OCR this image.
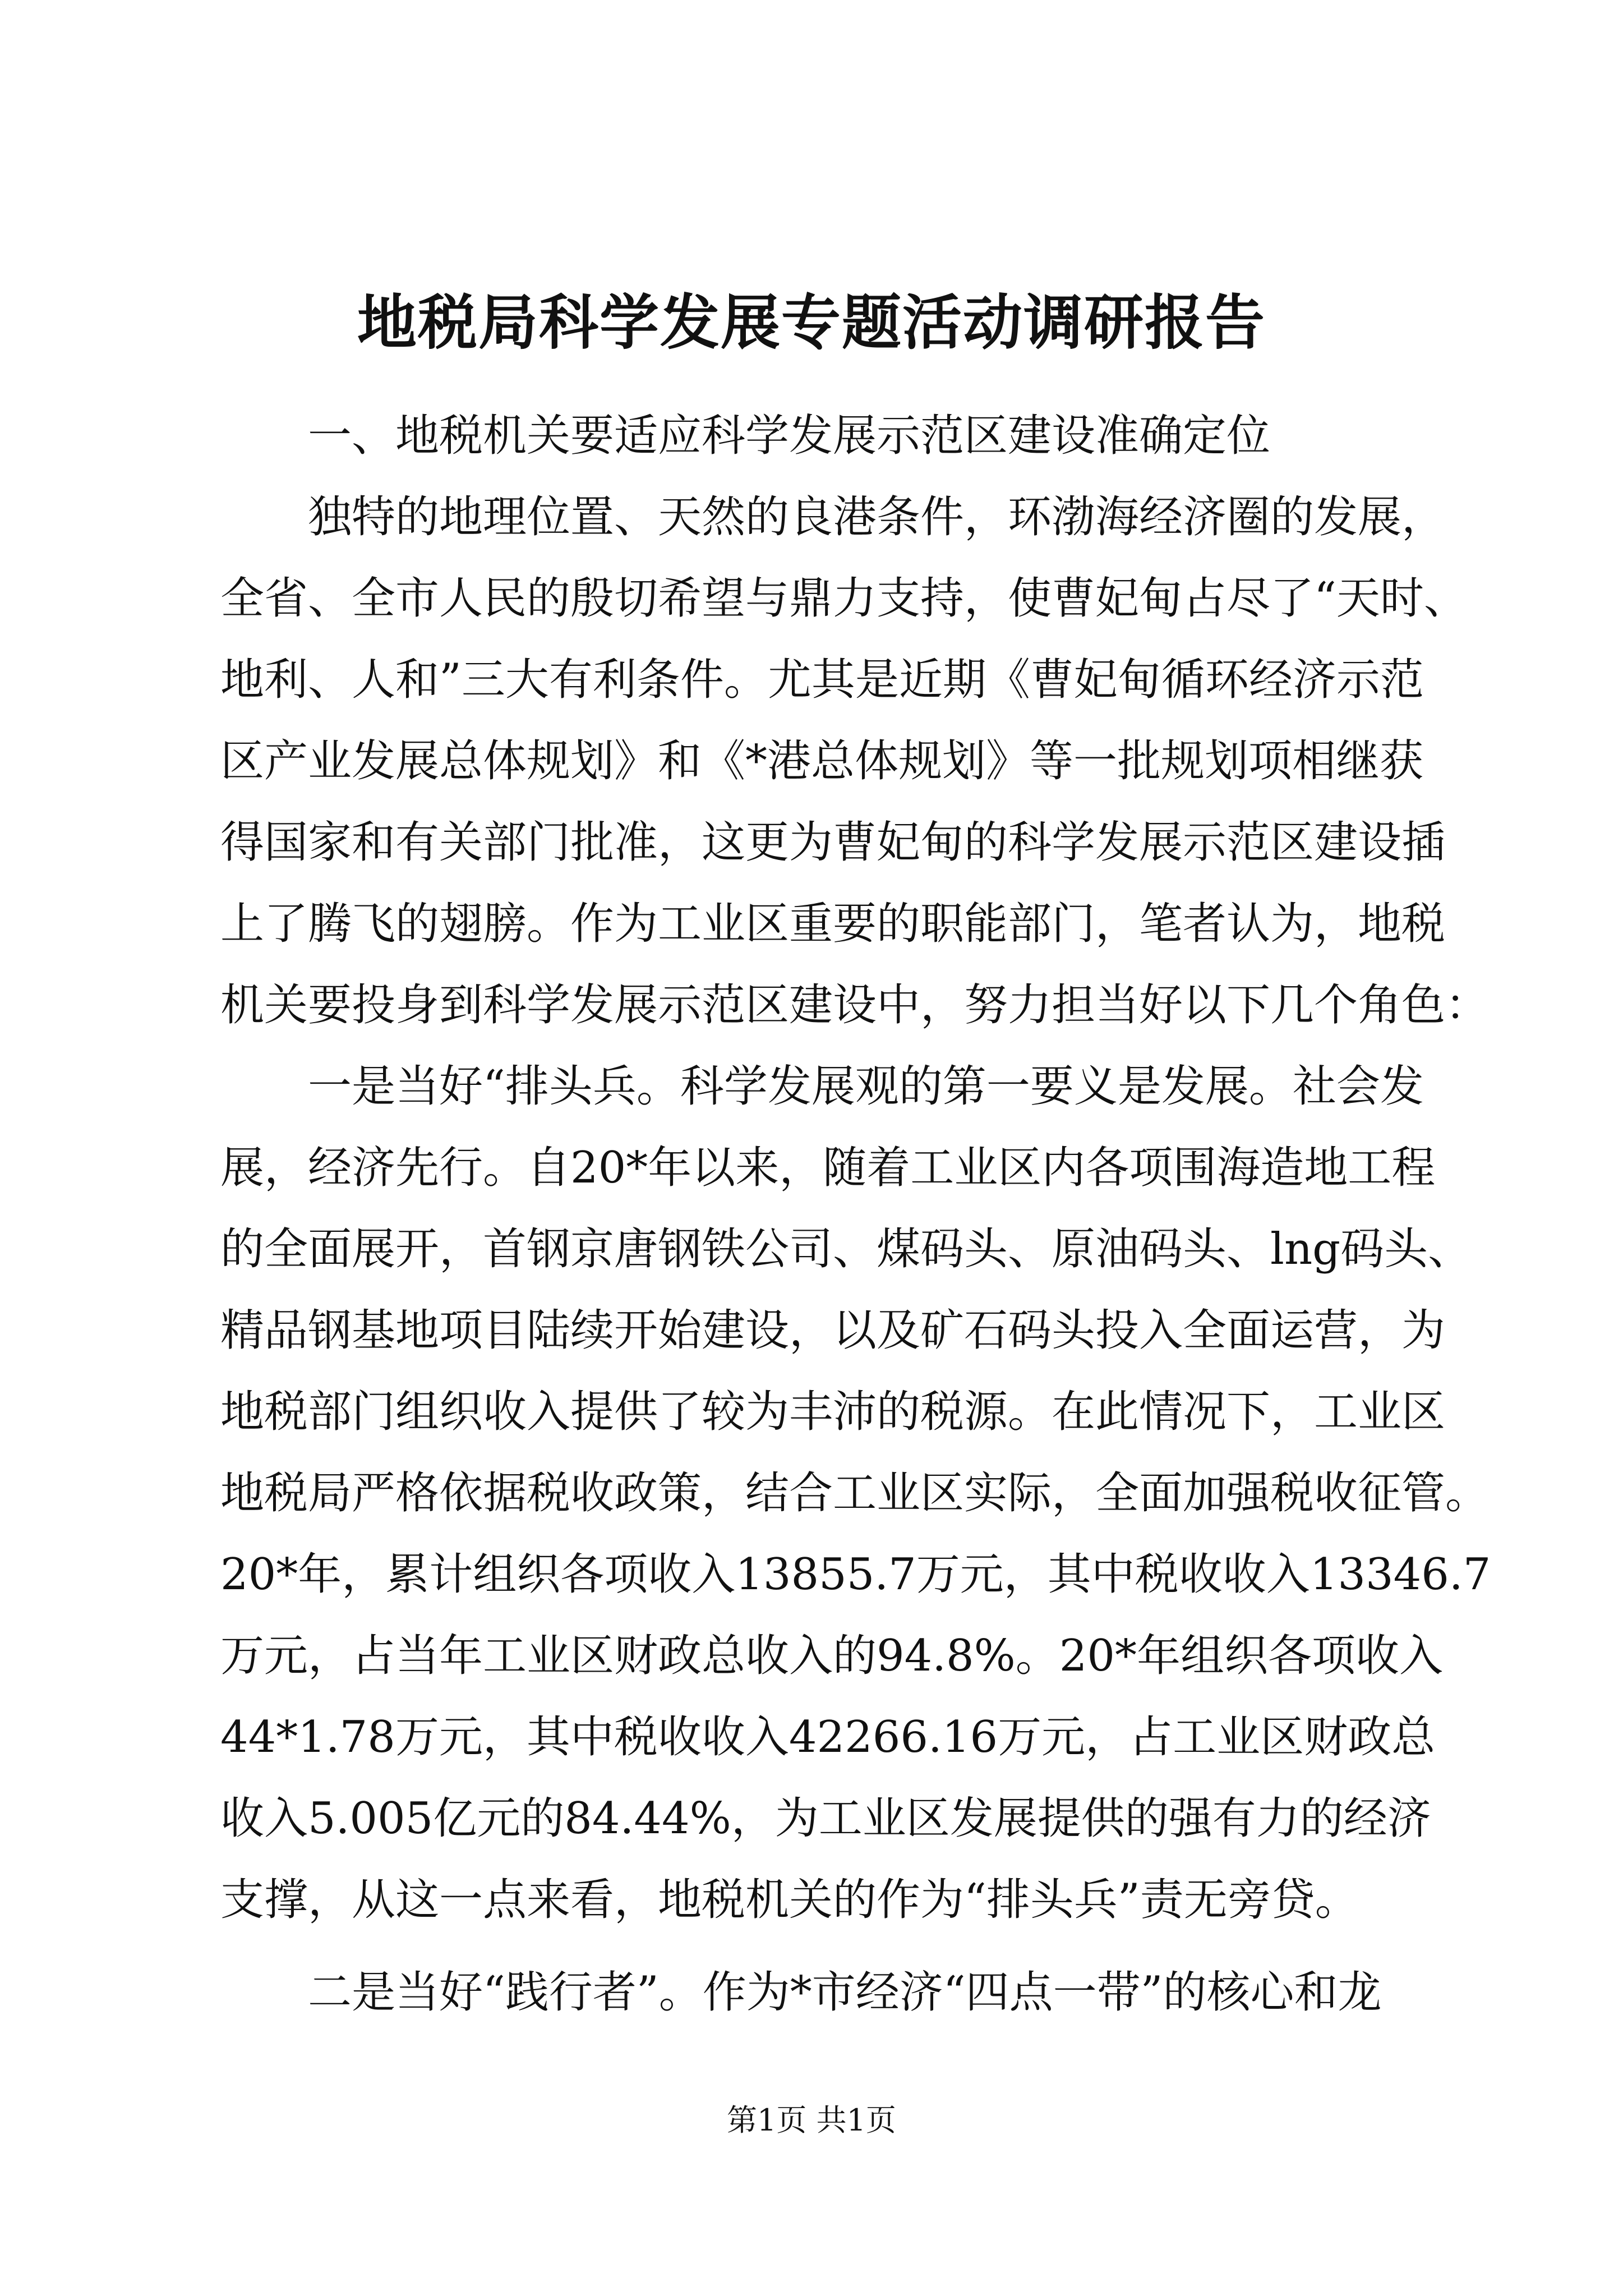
地税局科学发展专题活动调研报告
一、地税机关要适应科学发展示范区建设准确定位
独特的地理位置、天然的良港条件，环渤海经济圈的发展，
全省、全市人民的殷切希望与鼎力支持，使曹妃甸占尽了“天时、
地利、人和”三大有利条件。尤其是近期《曹妃甸循环经济示范
区产业发展总体规划》和《*港总体规划》等一批规划项相继获
得国家和有关部门批准，这更为曹妃甸的科学发展示范区建设插
上了腾飞的翅膀。作为工业区重要的职能部门，笔者认为，地税
机关要投身到科学发展示范区建设中，努力担当好以下几个角色：
一是当好“排头兵。科学发展观的第一要义是发展。社会发
展，经济先行。自20*年以来，随着工业区内各项围海造地工程
的全面展开，首钢京唐钢铁公司、煤码头、原油码头、lng码头、
精品钢基地项目陆续开始建设，以及矿石码头投入全面运营，为
地税部门组织收入提供了较为丰沛的税源。在此情况下，工业区
地税局严格依据税收政策，结合工业区实际，全面加强税收征管。
20*年，累计组织各项收入13855.7万元，其中税收收入13346.7
万元，占当年工业区财政总收入的94.8%。20*年组织各项收入
44*1.78万元，其中税收收入42266.16万元，占工业区财政总
收入5.005亿元的84.44%，为工业区发展提供的强有力的经济
支撑，从这一点来看，地税机关的作为“排头兵”责无旁贷。
二是当好“践行者”。作为*市经济“四点一带”的核心和龙
第1页 共1页
